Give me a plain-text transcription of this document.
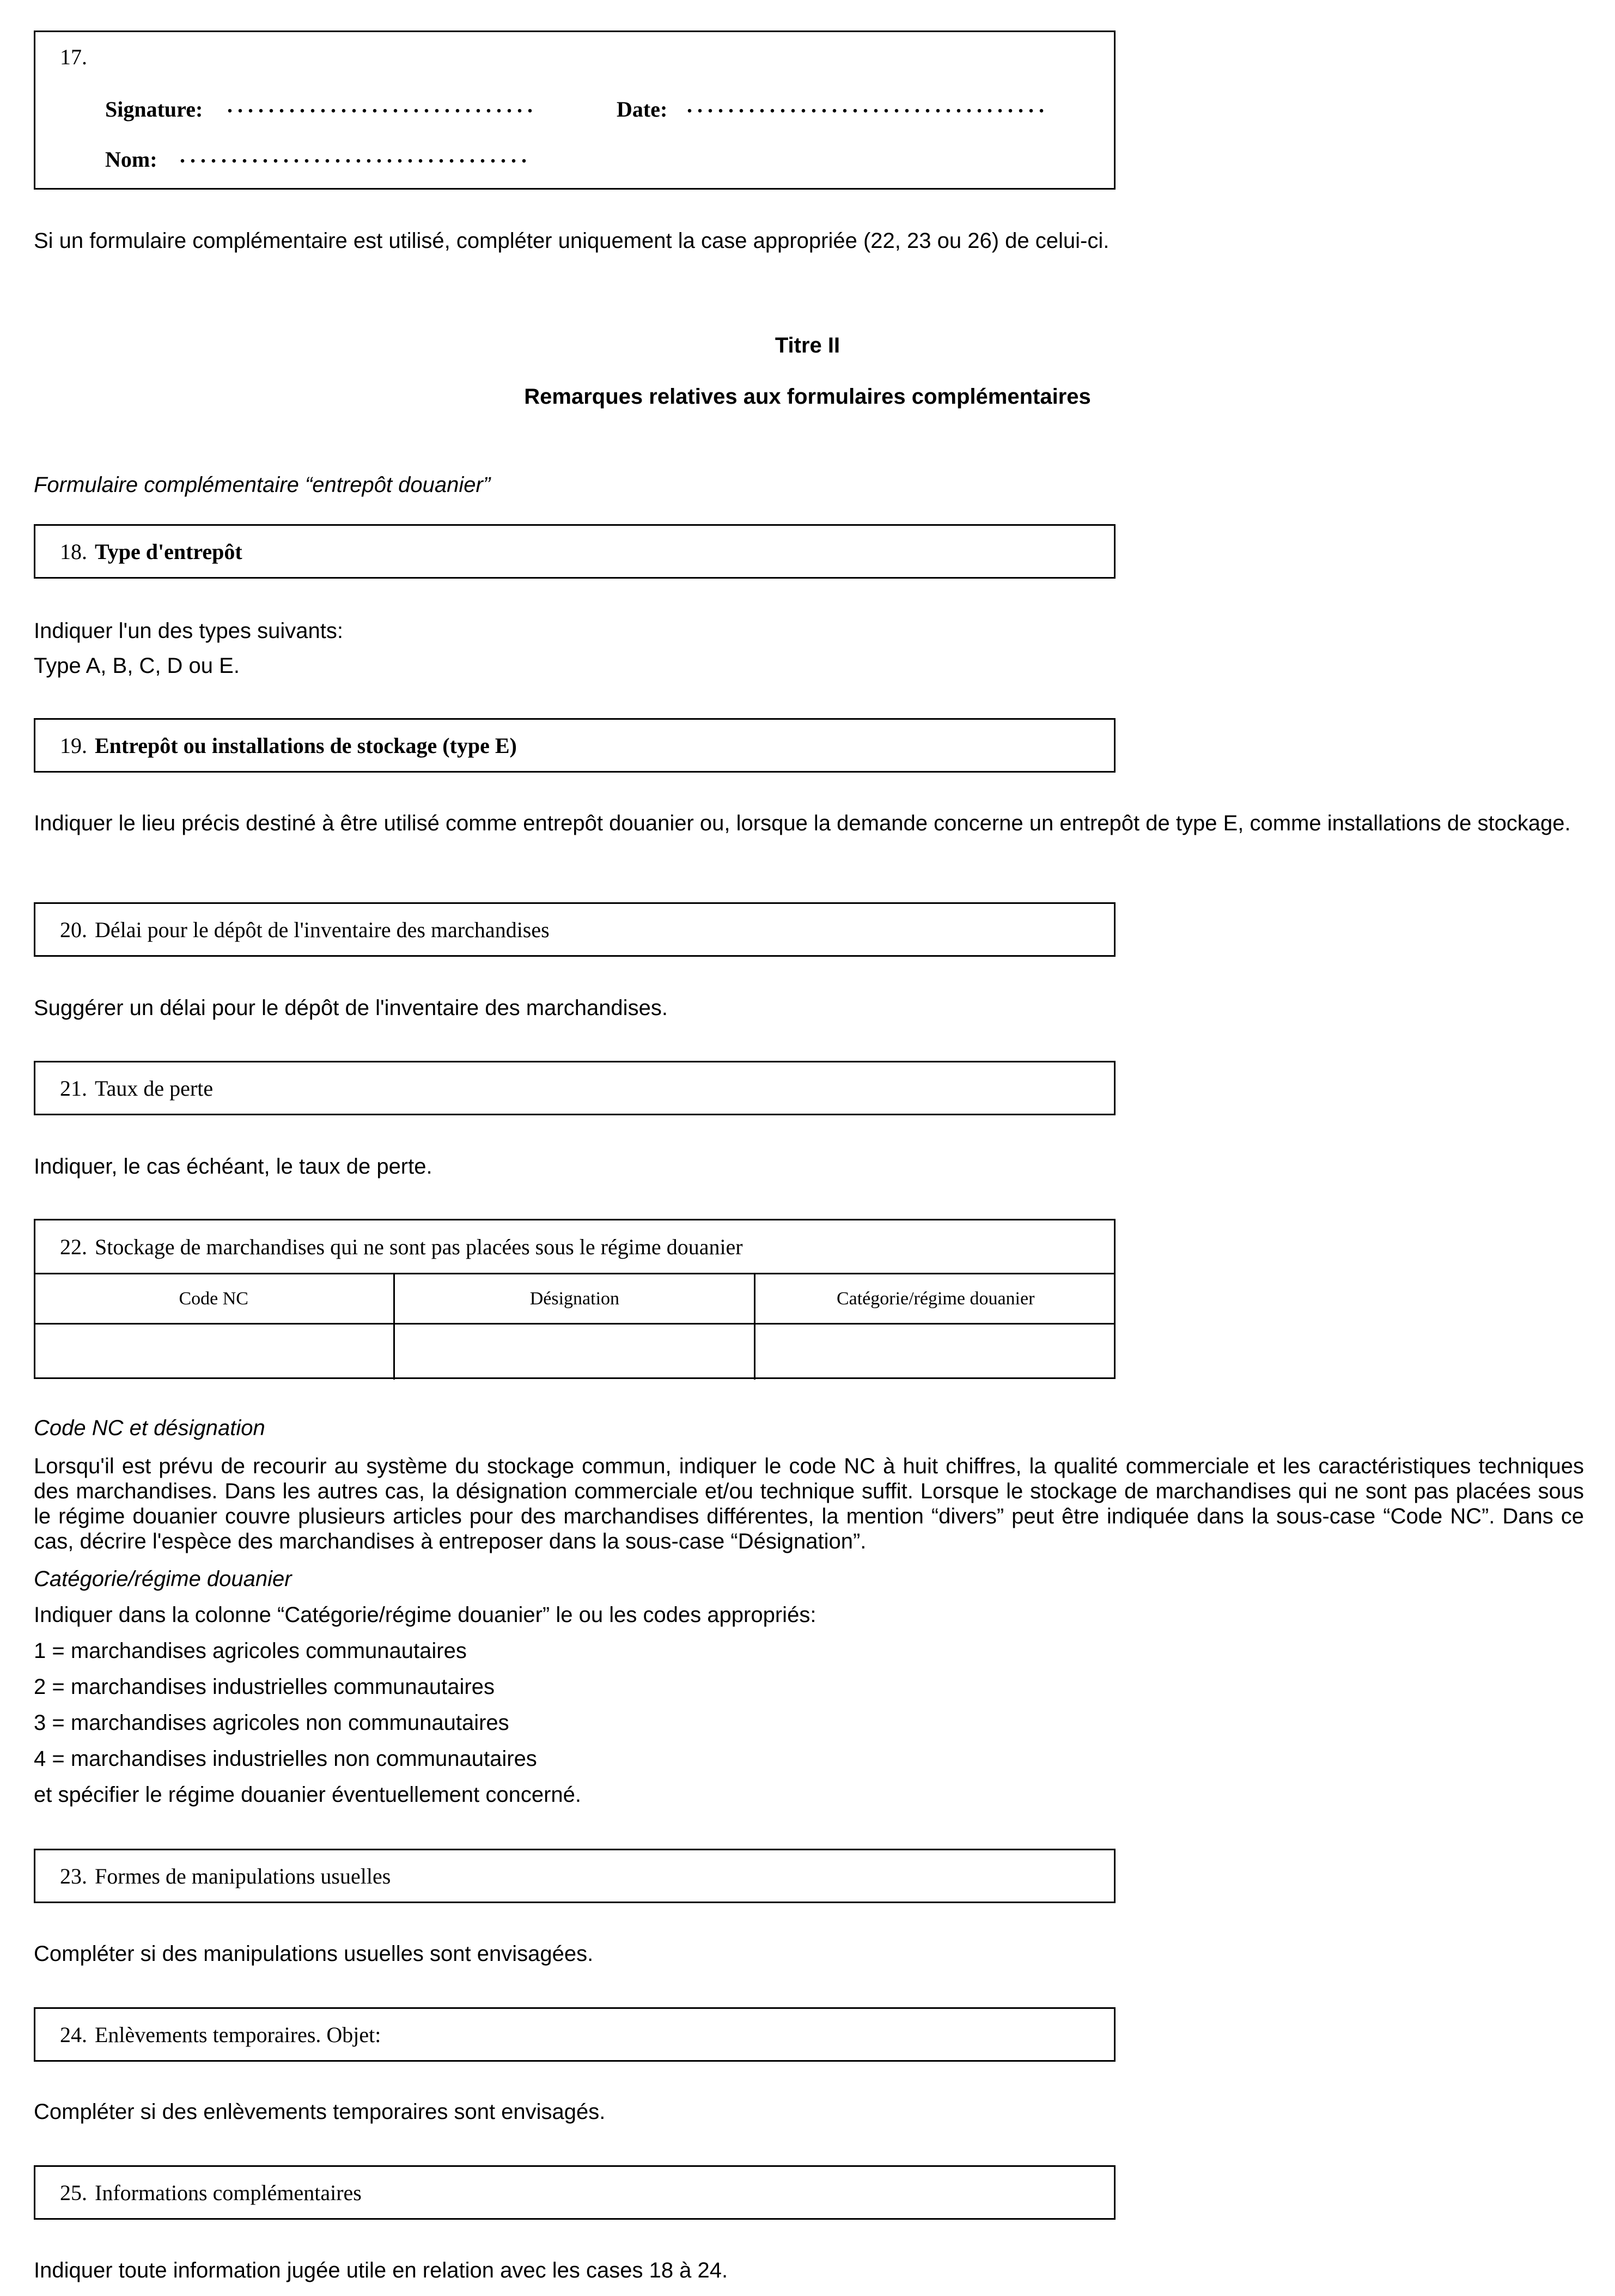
17.
Signature: ..............................	Date: ...................................
Nom: ..................................
Si un formulaire complémentaire est utilisé, compléter uniquement la case appropriée (22, 23 ou 26) de celui-ci.
Titre II
Remarques relatives aux formulaires complémentaires
Formulaire complémentaire “entrepôt douanier”
18. Type d'entrepôt
Indiquer l'un des types suivants:
Type A, B, C, D ou E.
19. Entrepôt ou installations de stockage (type E)
Indiquer le lieu précis destiné à être utilisé comme entrepôt douanier ou, lorsque la demande concerne un entrepôt de type E, comme installations de stockage.
20. Délai pour le dépôt de l'inventaire des marchandises
Suggérer un délai pour le dépôt de l'inventaire des marchandises.
21. Taux de perte
Indiquer, le cas échéant, le taux de perte.
22. Stockage de marchandises qui ne sont pas placées sous le régime douanier
Code NC	Désignation	Catégorie/régime douanier

Code NC et désignation
Lorsqu'il est prévu de recourir au système du stockage commun, indiquer le code NC à huit chiffres, la qualité commerciale et les caractéristiques techniques des marchandises. Dans les autres cas, la désignation commerciale et/ou technique suffit. Lorsque le stockage de marchandises qui ne sont pas placées sous le régime douanier couvre plusieurs articles pour des marchandises différentes, la mention “divers” peut être indiquée dans la sous-case “Code NC”. Dans ce cas, décrire l'espèce des marchandises à entreposer dans la sous-case “Désignation”.
Catégorie/régime douanier
Indiquer dans la colonne “Catégorie/régime douanier” le ou les codes appropriés:
1 = marchandises agricoles communautaires
2 = marchandises industrielles communautaires
3 = marchandises agricoles non communautaires
4 = marchandises industrielles non communautaires
et spécifier le régime douanier éventuellement concerné.
23. Formes de manipulations usuelles
Compléter si des manipulations usuelles sont envisagées.
24. Enlèvements temporaires. Objet:
Compléter si des enlèvements temporaires sont envisagés.
25. Informations complémentaires
Indiquer toute information jugée utile en relation avec les cases 18 à 24.
